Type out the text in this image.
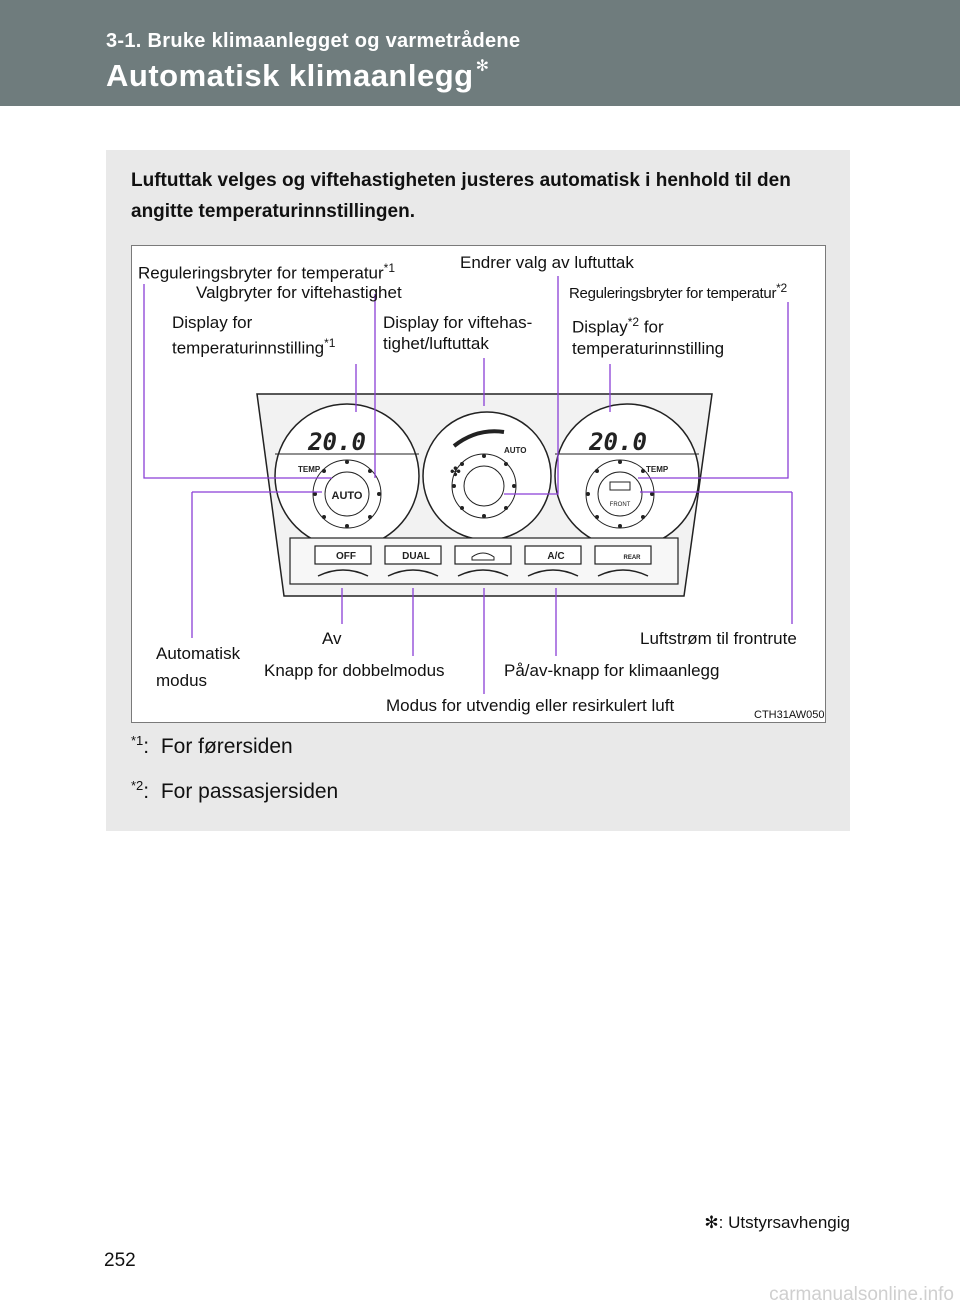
3-1. Bruke klimaanlegget og varmetrådene
Automatisk klimaanlegg ✻
Luftuttak velges og viftehastigheten justeres automatisk i henhold til den angitte temperaturinnstillingen.
20.0	20.0
TEMP	TEMP
AUTO
AUTO
FRONT
✤
OFF	DUAL	A/C	REAR
Reguleringsbryter for temperatur$^{*1}$	Endrer valg av luftuttak
Valgbryter for viftehastighet	Reguleringsbryter for temperatur$^{*2}$
Display for
temperaturinnstilling$^{*1}$
Display for viftehas-
tighet/luftuttak
Display$^{*2}$ for
temperaturinnstilling
Av	Luftstrøm til frontrute
Automatisk
modus
Knapp for dobbelmodus	På/av-knapp for klimaanlegg
Modus for utvendig eller resirkulert luft	CTH31AW050
$^{*1}$:  For førersiden
$^{*2}$:  For passasjersiden
✻: Utstyrsavhengig
252
carmanualsonline.info
